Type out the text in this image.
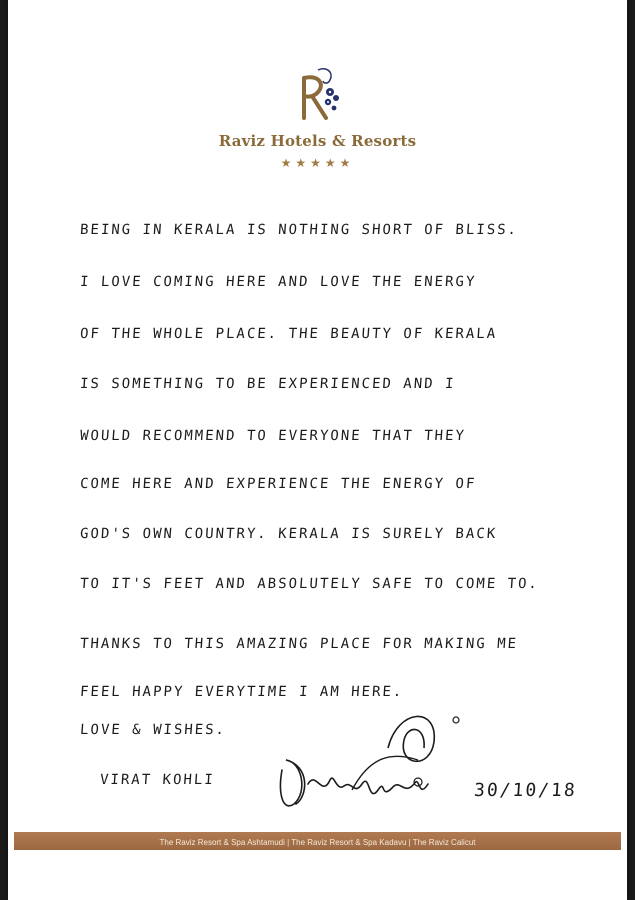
Raviz Hotels & Resorts
★★★★★
BEING IN KERALA IS NOTHING SHORT OF BLISS.
I LOVE COMING HERE AND LOVE THE ENERGY
OF THE WHOLE PLACE. THE BEAUTY OF KERALA
IS SOMETHING TO BE EXPERIENCED AND I
WOULD RECOMMEND TO EVERYONE THAT THEY
COME HERE AND EXPERIENCE THE ENERGY OF
GOD'S OWN COUNTRY. KERALA IS SURELY BACK
TO IT'S FEET AND ABSOLUTELY SAFE TO COME TO.
THANKS TO THIS AMAZING PLACE FOR MAKING ME
FEEL HAPPY EVERYTIME I AM HERE.
LOVE & WISHES.
VIRAT KOHLI	30/10/18
The Raviz Resort & Spa Ashtamudi | The Raviz Resort & Spa Kadavu | The Raviz Calicut
